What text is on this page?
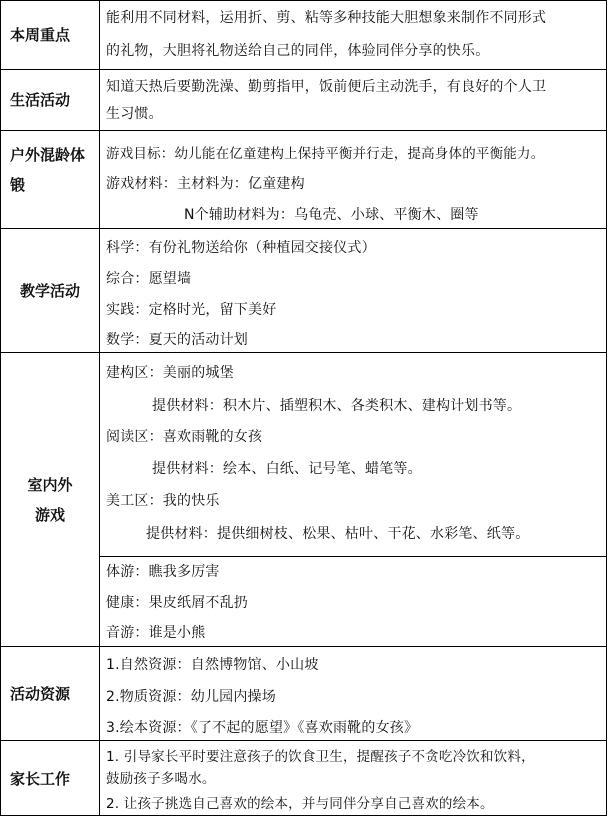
本周重点
能利用不同材料，运用折、剪、粘等多种技能大胆想象来制作不同形式
的礼物，大胆将礼物送给自己的同伴，体验同伴分享的快乐。
生活活动
知道天热后要勤洗澡、勤剪指甲，饭前便后主动洗手，有良好的个人卫
生习惯。
户外混龄体
锻
游戏目标：幼儿能在亿童建构上保持平衡并行走，提高身体的平衡能力。
游戏材料：主材料为：亿童建构
N个辅助材料为：乌龟壳、小球、平衡木、圈等
教学活动
科学：有份礼物送给你（种植园交接仪式）
综合：愿望墙
实践：定格时光，留下美好
数学：夏天的活动计划
室内外
游戏
建构区：美丽的城堡
提供材料：积木片、插塑积木、各类积木、建构计划书等。
阅读区：喜欢雨靴的女孩
提供材料：绘本、白纸、记号笔、蜡笔等。
美工区：我的快乐
提供材料：提供细树枝、松果、枯叶、干花、水彩笔、纸等。
体游：瞧我多厉害
健康：果皮纸屑不乱扔
音游：谁是小熊
活动资源
1.自然资源：自然博物馆、小山坡
2.物质资源：幼儿园内操场
3.绘本资源：《了不起的愿望》《喜欢雨靴的女孩》
家长工作
1. 引导家长平时要注意孩子的饮食卫生，提醒孩子不贪吃冷饮和饮料，
鼓励孩子多喝水。
2. 让孩子挑选自己喜欢的绘本，并与同伴分享自己喜欢的绘本。
